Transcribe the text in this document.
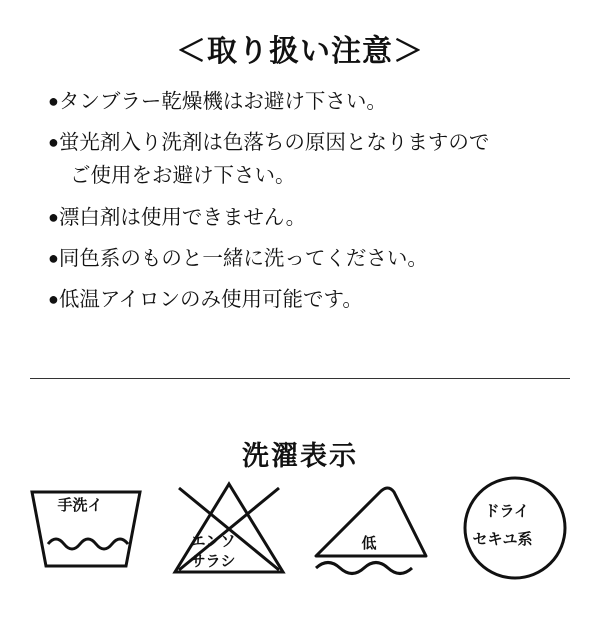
＜取り扱い注意＞
●タンブラー乾燥機はお避け下さい。
●蛍光剤入り洗剤は色落ちの原因となりますので
ご使用をお避け下さい。
●漂白剤は使用できません。
●同色系のものと一緒に洗ってください。
●低温アイロンのみ使用可能です。
洗濯表示
手洗イ
エンソ
サラシ
低
ドライ
セキユ系
